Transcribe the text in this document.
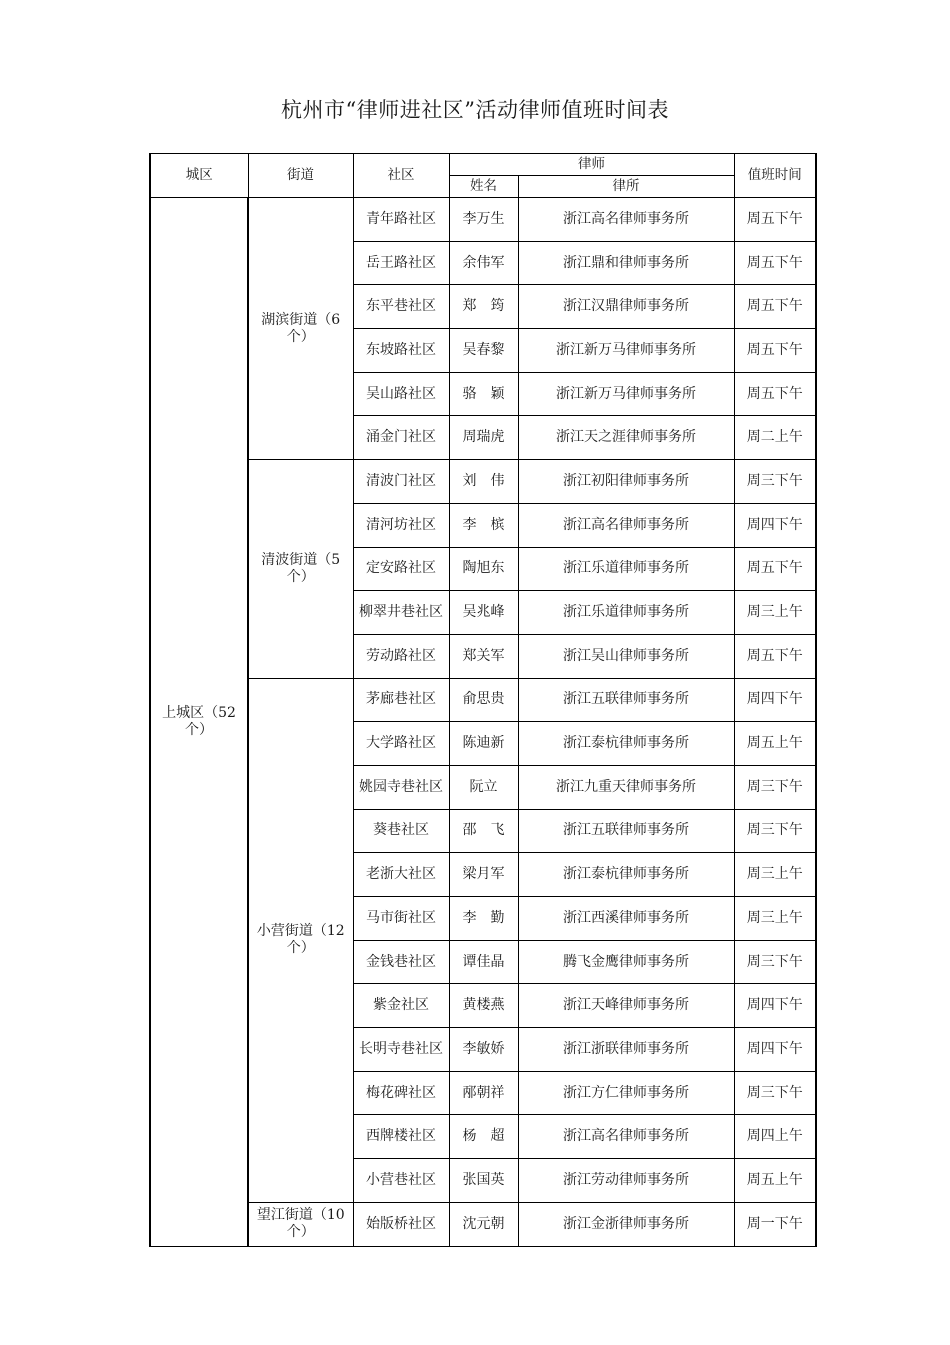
杭州市“律师进社区”活动律师值班时间表
城区	街道	社区	律师		值班时间
			姓名	律所	
上城区（52个）	湖滨街道（6个）	青年路社区	李万生	浙江高名律师事务所	周五下午
		岳王路社区	余伟军	浙江鼎和律师事务所	周五下午
		东平巷社区	郑　筠	浙江汉鼎律师事务所	周五下午
		东坡路社区	吴春黎	浙江新万马律师事务所	周五下午
		吴山路社区	骆　颖	浙江新万马律师事务所	周五下午
		涌金门社区	周瑞虎	浙江天之涯律师事务所	周二上午
	清波街道（5个）	清波门社区	刘　伟	浙江初阳律师事务所	周三下午
		清河坊社区	李　槟	浙江高名律师事务所	周四下午
		定安路社区	陶旭东	浙江乐道律师事务所	周五下午
		柳翠井巷社区	吴兆峰	浙江乐道律师事务所	周三上午
		劳动路社区	郑关军	浙江吴山律师事务所	周五下午
	小营街道（12个）	茅廊巷社区	俞思贵	浙江五联律师事务所	周四下午
		大学路社区	陈迪新	浙江泰杭律师事务所	周五上午
		姚园寺巷社区	阮立	浙江九重天律师事务所	周三下午
		葵巷社区	邵　飞	浙江五联律师事务所	周三下午
		老浙大社区	梁月军	浙江泰杭律师事务所	周三上午
		马市街社区	李　勤	浙江西溪律师事务所	周三上午
		金钱巷社区	谭佳晶	腾飞金鹰律师事务所	周三下午
		紫金社区	黄楼燕	浙江天峰律师事务所	周四下午
		长明寺巷社区	李敏娇	浙江浙联律师事务所	周四下午
		梅花碑社区	邴朝祥	浙江方仁律师事务所	周三下午
		西牌楼社区	杨　超	浙江高名律师事务所	周四上午
		小营巷社区	张国英	浙江劳动律师事务所	周五上午
	望江街道（10个）	始版桥社区	沈元朝	浙江金浙律师事务所	周一下午
